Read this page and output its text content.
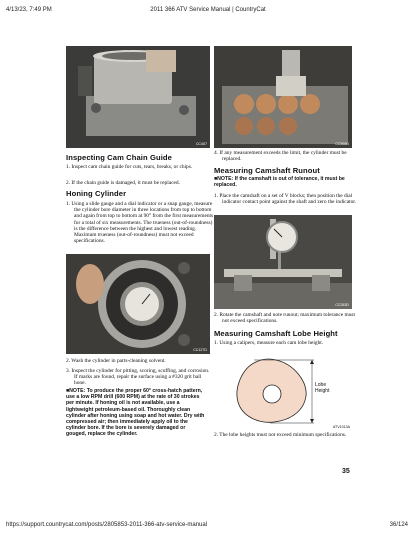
4/13/23, 7:49 PM	2011 366 ATV Service Manual | CountryCat
CC407	CC568D
Inspecting Cam Chain Guide

1. Inspect cam chain guide for cuts, tears, breaks, or chips.

2. If the chain guide is damaged, it must be replaced.

Honing Cylinder

1. Using a slide gauge and a dial indicator or a snap gauge, measure the cylinder bore diameter in three locations from top to bottom and again from top to bottom at 90° from the first measurements for a total of six measurements. The trueness (out-of-roundness) is the difference between the highest and lowest reading. Maximum trueness (out-of-roundness) must not exceed specifications.

CC127D

2. Wash the cylinder in parts-cleaning solvent.

3. Inspect the cylinder for pitting, scoring, scuffing, and corrosion. If marks are found, repair the surface using a #320 grit ball hone.

■NOTE: To produce the proper 60° cross-hatch pattern, use a low RPM drill (600 RPM) at the rate of 30 strokes per minute. If honing oil is not available, use a lightweight petroleum-based oil. Thoroughly clean cylinder after honing using soap and hot water. Dry with compressed air; then immediately apply oil to the cylinder bore. If the bore is severely damaged or gouged, replace the cylinder.

4. If any measurement exceeds the limit, the cylinder must be replaced.

Measuring Camshaft Runout

■NOTE: If the camshaft is out of tolerance, it must be replaced.

1. Place the camshaft on a set of V blocks; then position the dial indicator contact point against the shaft and zero the indicator.

CC283D

2. Rotate the camshaft and note runout; maximum tolerance must not exceed specifications.

Measuring Camshaft Lobe Height

1. Using a calipers, measure each cam lobe height.

Lobe
Height
ATV1013A

2. The lobe heights must not exceed minimum specifications.

35
https://support.countrycat.com/posts/2805853-2011-366-atv-service-manual	36/124
